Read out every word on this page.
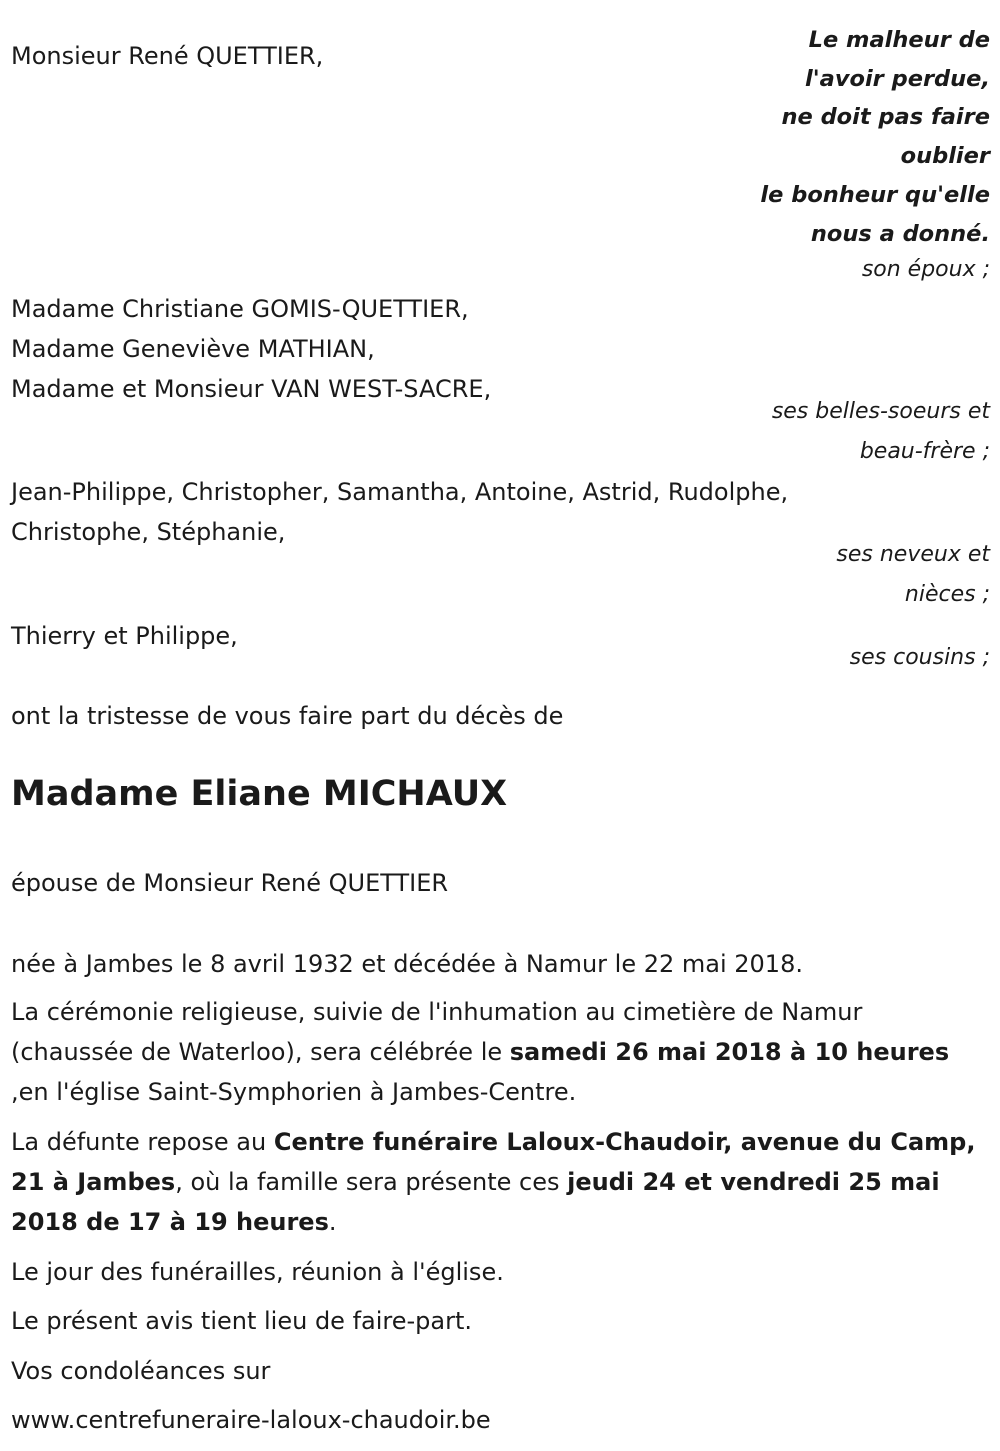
Le malheur de
l'avoir perdue,
ne doit pas faire
oublier
le bonheur qu'elle
nous a donné.
Monsieur René QUETTIER,
son époux ;
Madame Christiane GOMIS-QUETTIER,
Madame Geneviève MATHIAN,
Madame et Monsieur VAN WEST-SACRE,
ses belles-soeurs et
beau-frère ;
Jean-Philippe, Christopher, Samantha, Antoine, Astrid, Rudolphe,
Christophe, Stéphanie,
ses neveux et
nièces ;
Thierry et Philippe,
ses cousins ;
ont la tristesse de vous faire part du décès de
Madame Eliane MICHAUX
épouse de Monsieur René QUETTIER
née à Jambes le 8 avril 1932 et décédée à Namur le 22 mai 2018.

La cérémonie religieuse, suivie de l'inhumation au cimetière de Namur (chaussée de Waterloo), sera célébrée le samedi 26 mai 2018 à 10 heures ,en l'église Saint-Symphorien à Jambes-Centre.

La défunte repose au Centre funéraire Laloux-Chaudoir, avenue du Camp, 21 à Jambes, où la famille sera présente ces jeudi 24 et vendredi 25 mai 2018 de 17 à 19 heures.

Le jour des funérailles, réunion à l'église.
Le présent avis tient lieu de faire-part.
Vos condoléances sur
www.centrefuneraire-laloux-chaudoir.be
